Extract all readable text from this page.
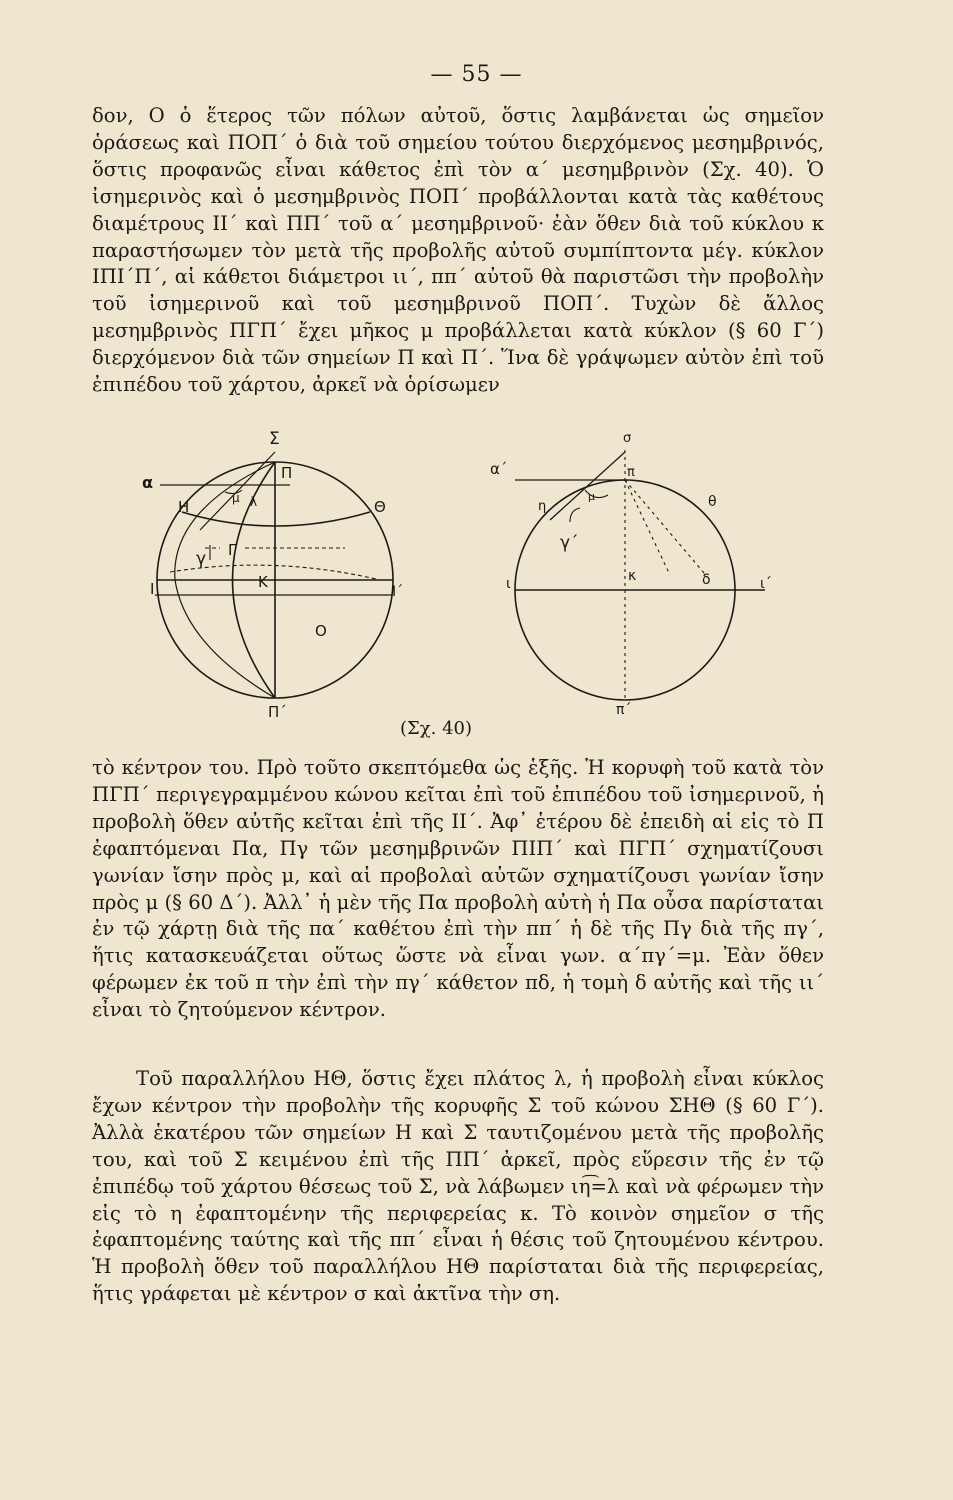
— 55 —

δον, Ο ὁ ἕτερος τῶν πόλων αὐτοῦ, ὅστις λαμβάνεται ὡς σημεῖον ὁράσεως καὶ ΠΟΠ΄ ὁ διὰ τοῦ σημείου τούτου διερχόμενος μεσημβρινός, ὅστις προφανῶς εἶναι κάθετος ἐπὶ τὸν α΄ μεσημβρινὸν (Σχ. 40). Ὁ ἰσημερινὸς καὶ ὁ μεσημβρινὸς ΠΟΠ΄ προβάλλονται κατὰ τὰς καθέτους διαμέτρους ΙΙ΄ καὶ ΠΠ΄ τοῦ α΄ μεσημβρινοῦ· ἐὰν ὅθεν διὰ τοῦ κύκλου κ παραστήσωμεν τὸν μετὰ τῆς προβολῆς αὐτοῦ συμπίπτοντα μέγ. κύκλον ΙΠΙ΄Π΄, αἱ κάθετοι διάμετροι ιι΄, ππ΄ αὐτοῦ θὰ παριστῶσι τὴν προβολὴν τοῦ ἰσημερινοῦ καὶ τοῦ μεσημβρινοῦ ΠΟΠ΄. Τυχὼν δὲ ἄλλος μεσημβρινὸς ΠΓΠ΄ ἔχει μῆκος μ προβάλλεται κατὰ κύκλον (§ 60 Γ΄) διερχόμενον διὰ τῶν σημείων Π καὶ Π΄. Ἵνα δὲ γράψωμεν αὐτὸν ἐπὶ τοῦ ἐπιπέδου τοῦ χάρτου, ἀρκεῖ νὰ ὁρίσωμεν

Σ
α	Π
Η	μ λ	Θ
Γ
γ
Ι	Κ
Ι΄
Ο
Π΄
σ
α΄	π
η
μ	θ
γ΄
ι	κ	δ	ι΄
π΄
(Σχ. 40)

τὸ κέντρον του. Πρὸ τοῦτο σκεπτόμεθα ὡς ἑξῆς. Ἡ κορυφὴ τοῦ κατὰ τὸν ΠΓΠ΄ περιγεγραμμένου κώνου κεῖται ἐπὶ τοῦ ἐπιπέδου τοῦ ἰσημερινοῦ, ἡ προβολὴ ὅθεν αὐτῆς κεῖται ἐπὶ τῆς ΙΙ΄. Ἀφ᾽ ἑτέρου δὲ ἐπειδὴ αἱ εἰς τὸ Π ἐφαπτόμεναι Πα, Πγ τῶν μεσημβρινῶν ΠΙΠ΄ καὶ ΠΓΠ΄ σχηματίζουσι γωνίαν ἴσην πρὸς μ, καὶ αἱ προβολαὶ αὐτῶν σχηματίζουσι γωνίαν ἴσην πρὸς μ (§ 60 Δ΄). Ἀλλ᾽ ἡ μὲν τῆς Πα προβολὴ αὐτὴ ἡ Πα οὖσα παρίσταται ἐν τῷ χάρτῃ διὰ τῆς πα΄ καθέτου ἐπὶ τὴν ππ΄ ἡ δὲ τῆς Πγ διὰ τῆς πγ΄, ἥτις κατασκευάζεται οὕτως ὥστε νὰ εἶναι γων. α΄πγ΄=μ. Ἐὰν ὅθεν φέρωμεν ἐκ τοῦ π τὴν ἐπὶ τὴν πγ΄ κάθετον πδ, ἡ τομὴ δ αὐτῆς καὶ τῆς ιι΄ εἶναι τὸ ζητούμενον κέντρον.

Τοῦ παραλλήλου ΗΘ, ὅστις ἔχει πλάτος λ, ἡ προβολὴ εἶναι κύκλος ἔχων κέντρον τὴν προβολὴν τῆς κορυφῆς Σ τοῦ κώνου ΣΗΘ (§ 60 Γ΄). Ἀλλὰ ἑκατέρου τῶν σημείων Η καὶ Σ ταυτιζομένου μετὰ τῆς προβολῆς του, καὶ τοῦ Σ κειμένου ἐπὶ τῆς ΠΠ΄ ἀρκεῖ, πρὸς εὕρεσιν τῆς ἐν τῷ ἐπιπέδῳ τοῦ χάρτου θέσεως τοῦ Σ, νὰ λάβωμεν ιη͡=λ καὶ νὰ φέρωμεν τὴν εἰς τὸ η ἐφαπτομένην τῆς περιφερείας κ. Τὸ κοινὸν σημεῖον σ τῆς ἐφαπτομένης ταύτης καὶ τῆς ππ΄ εἶναι ἡ θέσις τοῦ ζητουμένου κέντρου. Ἡ προβολὴ ὅθεν τοῦ παραλλήλου ΗΘ παρίσταται διὰ τῆς περιφερείας, ἥτις γράφεται μὲ κέντρον σ καὶ ἀκτῖνα τὴν ση.
